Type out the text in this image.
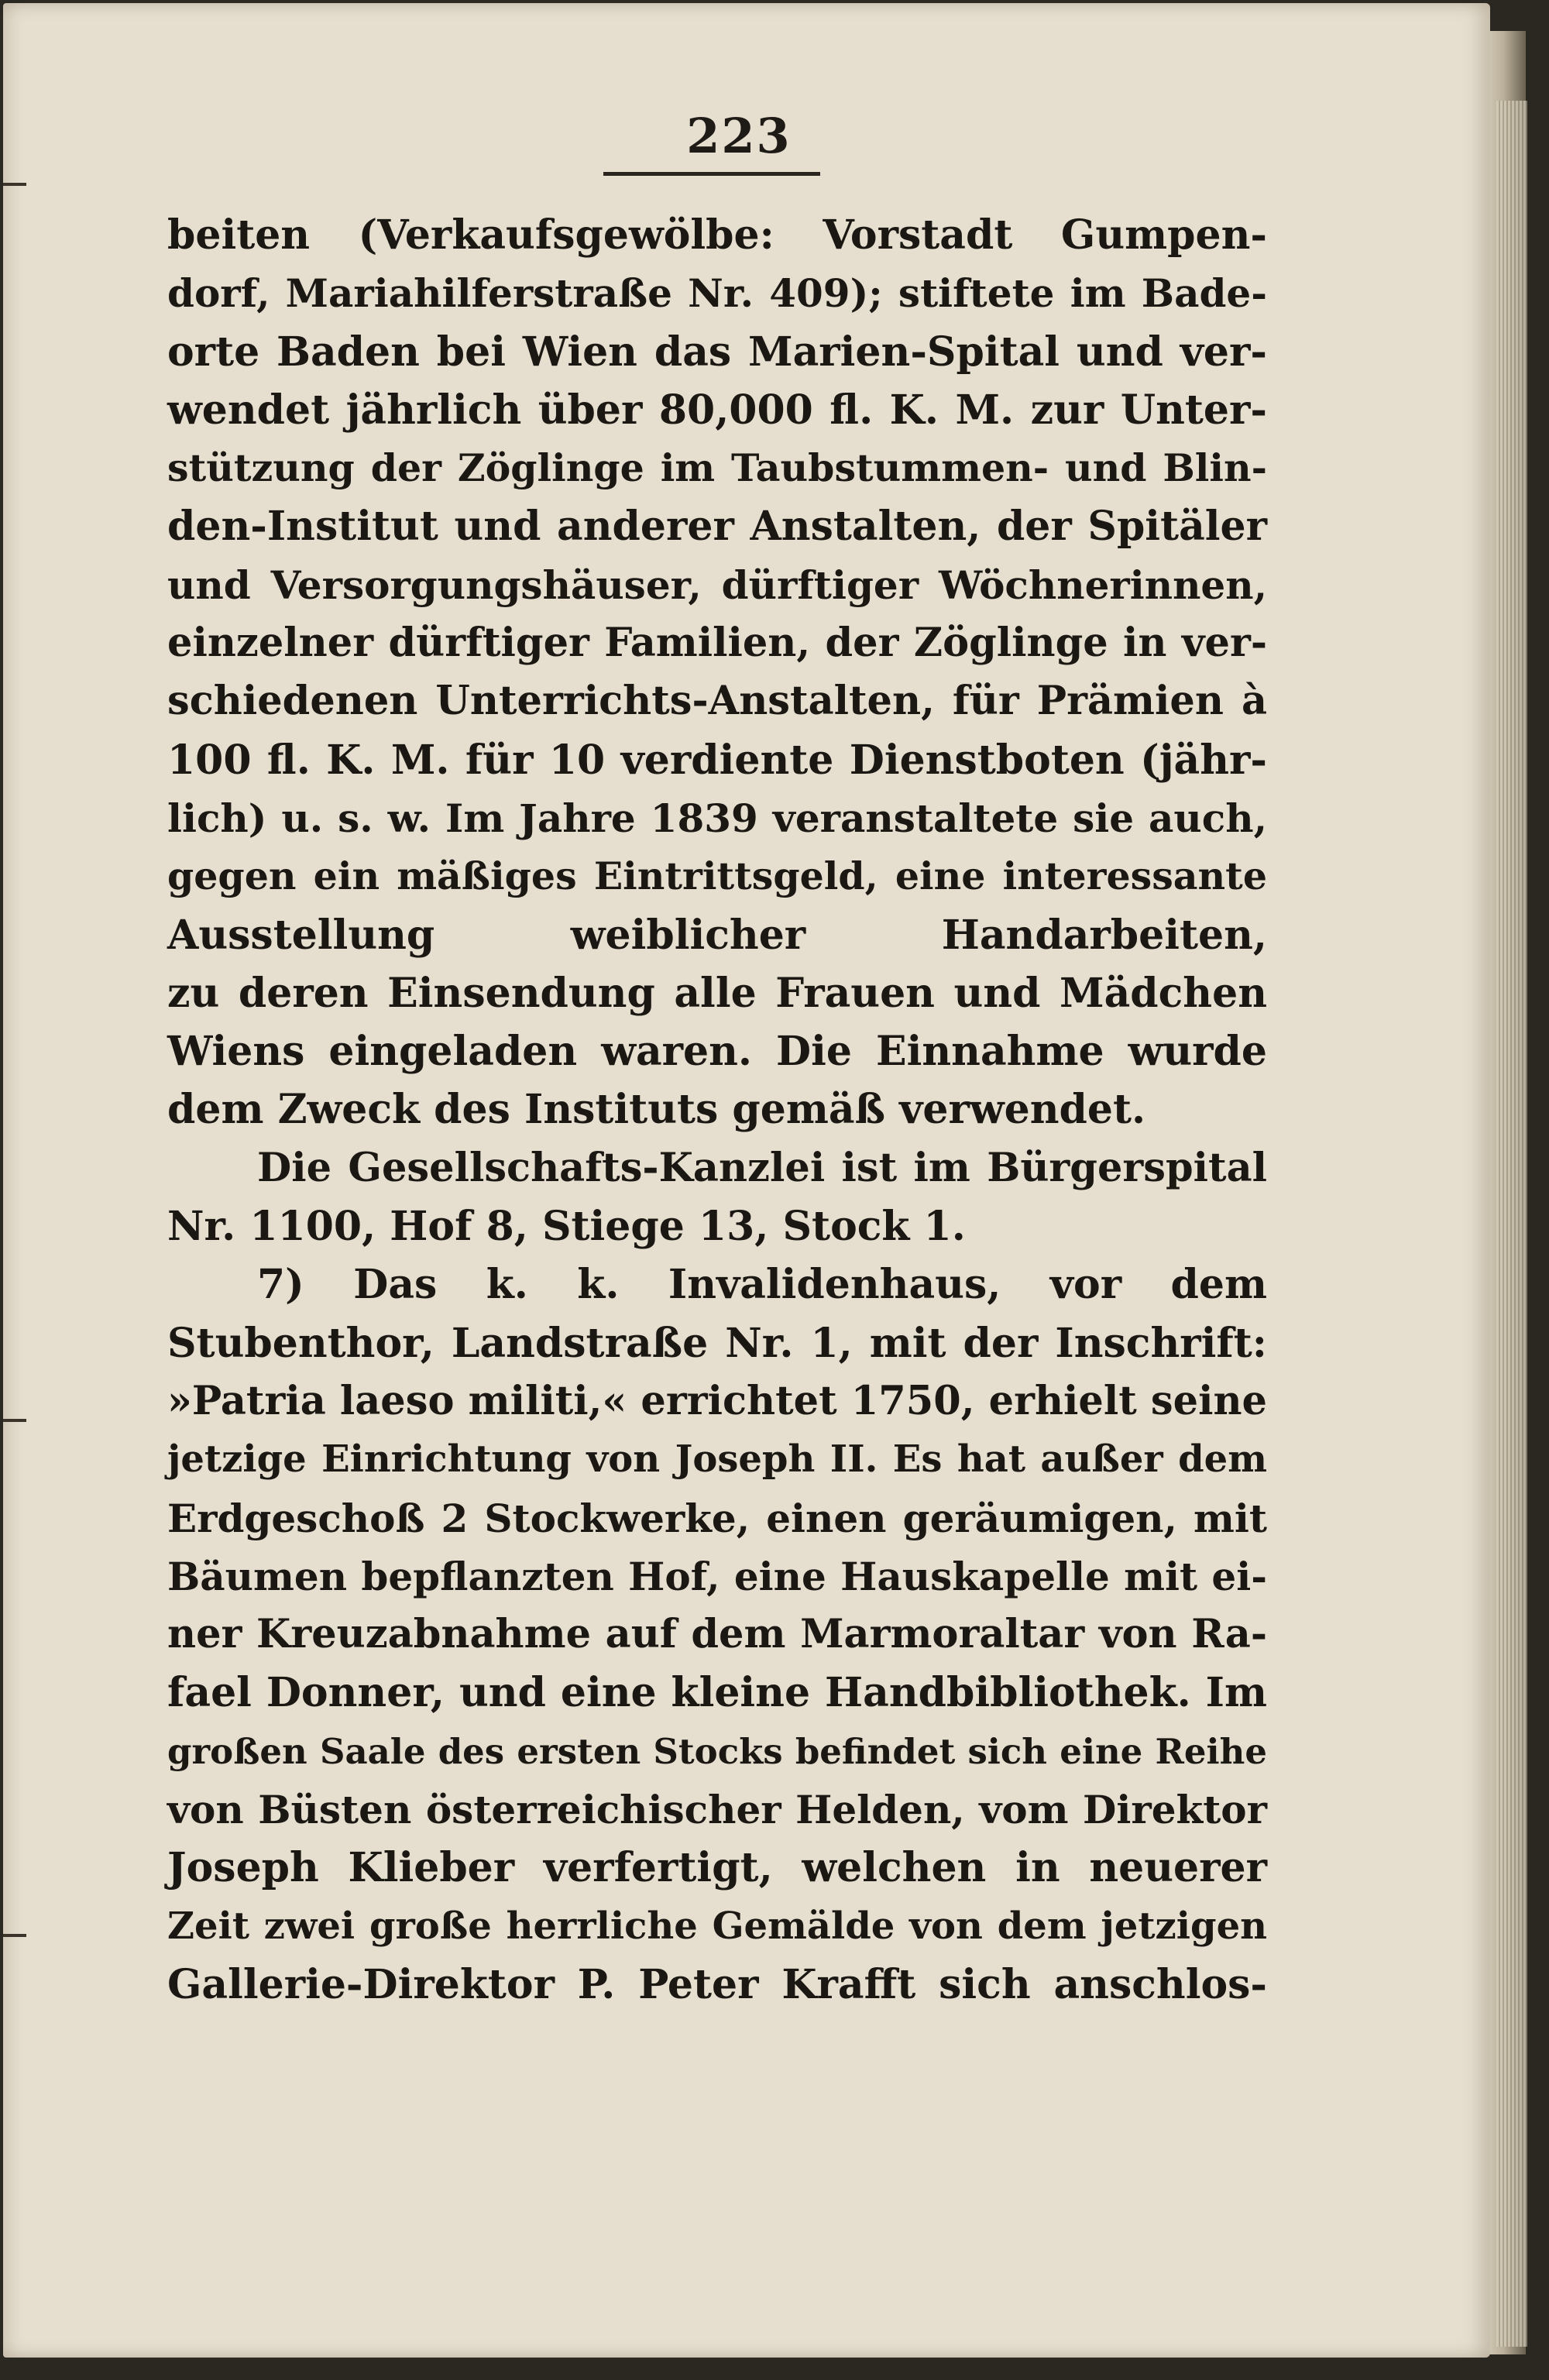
223
beiten (Verkaufsgewölbe: Vorstadt Gumpen-
dorf, Mariahilferstraße Nr. 409); stiftete im Bade-
orte Baden bei Wien das Marien-Spital und ver-
wendet jährlich über 80,000 fl. K. M. zur Unter-
stützung der Zöglinge im Taubstummen- und Blin-
den-Institut und anderer Anstalten, der Spitäler
und Versorgungshäuser, dürftiger Wöchnerinnen,
einzelner dürftiger Familien, der Zöglinge in ver-
schiedenen Unterrichts-Anstalten, für Prämien à
100 fl. K. M. für 10 verdiente Dienstboten (jähr-
lich) u. s. w. Im Jahre 1839 veranstaltete sie auch,
gegen ein mäßiges Eintrittsgeld, eine interessante
Ausstellung weiblicher Handarbeiten,
zu deren Einsendung alle Frauen und Mädchen
Wiens eingeladen waren. Die Einnahme wurde
dem Zweck des Instituts gemäß verwendet.
Die Gesellschafts-Kanzlei ist im Bürgerspital
Nr. 1100, Hof 8, Stiege 13, Stock 1.
7) Das k. k. Invalidenhaus, vor dem
Stubenthor, Landstraße Nr. 1, mit der Inschrift:
»Patria laeso militi,« errichtet 1750, erhielt seine
jetzige Einrichtung von Joseph II. Es hat außer dem
Erdgeschoß 2 Stockwerke, einen geräumigen, mit
Bäumen bepflanzten Hof, eine Hauskapelle mit ei-
ner Kreuzabnahme auf dem Marmoraltar von Ra-
fael Donner, und eine kleine Handbibliothek. Im
großen Saale des ersten Stocks befindet sich eine Reihe
von Büsten österreichischer Helden, vom Direktor
Joseph Klieber verfertigt, welchen in neuerer
Zeit zwei große herrliche Gemälde von dem jetzigen
Gallerie-Direktor P. Peter Krafft sich anschlos-
